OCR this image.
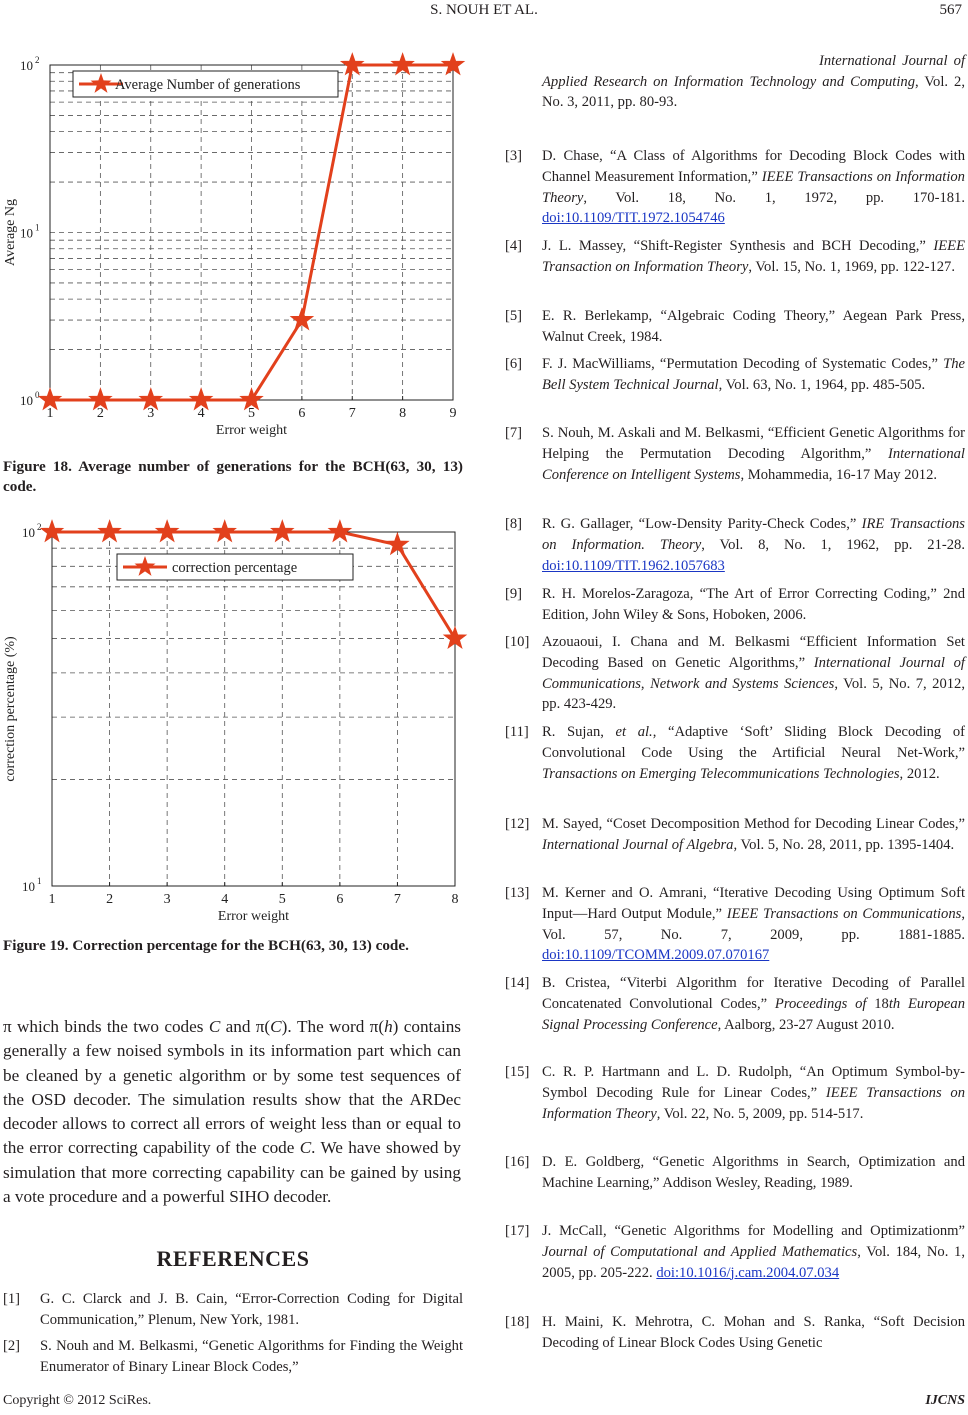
S. NOUH ET AL.	567
1	2	3	4	5	6	7	8	9
10 0
10 1
10 2
Error weight
Average Ng
Average Number of generations
Figure 18. Average number of generations for the BCH(63, 30, 13) code.
1	2	3	4	5	6	7	8
10 1
10 2
Error weight
correction percentage (%)
correction percentage
Figure 19. Correction percentage for the BCH(63, 30, 13) code.
π which binds the two codes C and π(C). The word π(h) contains generally a few noised symbols in its information part which can be cleaned by a genetic algorithm or by some test sequences of the OSD decoder. The simulation results show that the ARDec decoder allows to correct all errors of weight less than or equal to the error correcting capability of the code C. We have showed by simulation that more correcting capability can be gained by using a vote procedure and a powerful SIHO decoder.
REFERENCES
[1] G. C. Clarck and J. B. Cain, “Error-Correction Coding for Digital Communication,” Plenum, New York, 1981.
[2] S. Nouh and M. Belkasmi, “Genetic Algorithms for Finding the Weight Enumerator of Binary Linear Block Codes,”
International Journal of Applied Research on Information Technology and Computing, Vol. 2, No. 3, 2011, pp. 80-93.
[3] D. Chase, “A Class of Algorithms for Decoding Block Codes with Channel Measurement Information,” IEEE Transactions on Information Theory, Vol. 18, No. 1, 1972, pp. 170-181. doi:10.1109/TIT.1972.1054746
[4] J. L. Massey, “Shift-Register Synthesis and BCH Decoding,” IEEE Transaction on Information Theory, Vol. 15, No. 1, 1969, pp. 122-127.
[5] E. R. Berlekamp, “Algebraic Coding Theory,” Aegean Park Press, Walnut Creek, 1984.
[6] F. J. MacWilliams, “Permutation Decoding of Systematic Codes,” The Bell System Technical Journal, Vol. 63, No. 1, 1964, pp. 485-505.
[7] S. Nouh, M. Askali and M. Belkasmi, “Efficient Genetic Algorithms for Helping the Permutation Decoding Algorithm,” International Conference on Intelligent Systems, Mohammedia, 16-17 May 2012.
[8] R. G. Gallager, “Low-Density Parity-Check Codes,” IRE Transactions on Information. Theory, Vol. 8, No. 1, 1962, pp. 21-28. doi:10.1109/TIT.1962.1057683
[9] R. H. Morelos-Zaragoza, “The Art of Error Correcting Coding,” 2nd Edition, John Wiley & Sons, Hoboken, 2006.
[10] Azouaoui, I. Chana and M. Belkasmi “Efficient Information Set Decoding Based on Genetic Algorithms,” International Journal of Communications, Network and Systems Sciences, Vol. 5, No. 7, 2012, pp. 423-429.
[11] R. Sujan, et al., “Adaptive ‘Soft’ Sliding Block Decoding of Convolutional Code Using the Artificial Neural Net-Work,” Transactions on Emerging Telecommunications Technologies, 2012.
[12] M. Sayed, “Coset Decomposition Method for Decoding Linear Codes,” International Journal of Algebra, Vol. 5, No. 28, 2011, pp. 1395-1404.
[13] M. Kerner and O. Amrani, “Iterative Decoding Using Optimum Soft Input—Hard Output Module,” IEEE Transactions on Communications, Vol. 57, No. 7, 2009, pp. 1881-1885. doi:10.1109/TCOMM.2009.07.070167
[14] B. Cristea, “Viterbi Algorithm for Iterative Decoding of Parallel Concatenated Convolutional Codes,” Proceedings of 18th European Signal Processing Conference, Aalborg, 23-27 August 2010.
[15] C. R. P. Hartmann and L. D. Rudolph, “An Optimum Symbol-by-Symbol Decoding Rule for Linear Codes,” IEEE Transactions on Information Theory, Vol. 22, No. 5, 2009, pp. 514-517.
[16] D. E. Goldberg, “Genetic Algorithms in Search, Optimization and Machine Learning,” Addison Wesley, Reading, 1989.
[17] J. McCall, “Genetic Algorithms for Modelling and Optimizationm” Journal of Computational and Applied Mathematics, Vol. 184, No. 1, 2005, pp. 205-222. doi:10.1016/j.cam.2004.07.034
[18] H. Maini, K. Mehrotra, C. Mohan and S. Ranka, “Soft Decision Decoding of Linear Block Codes Using Genetic
Copyright © 2012 SciRes.	IJCNS
